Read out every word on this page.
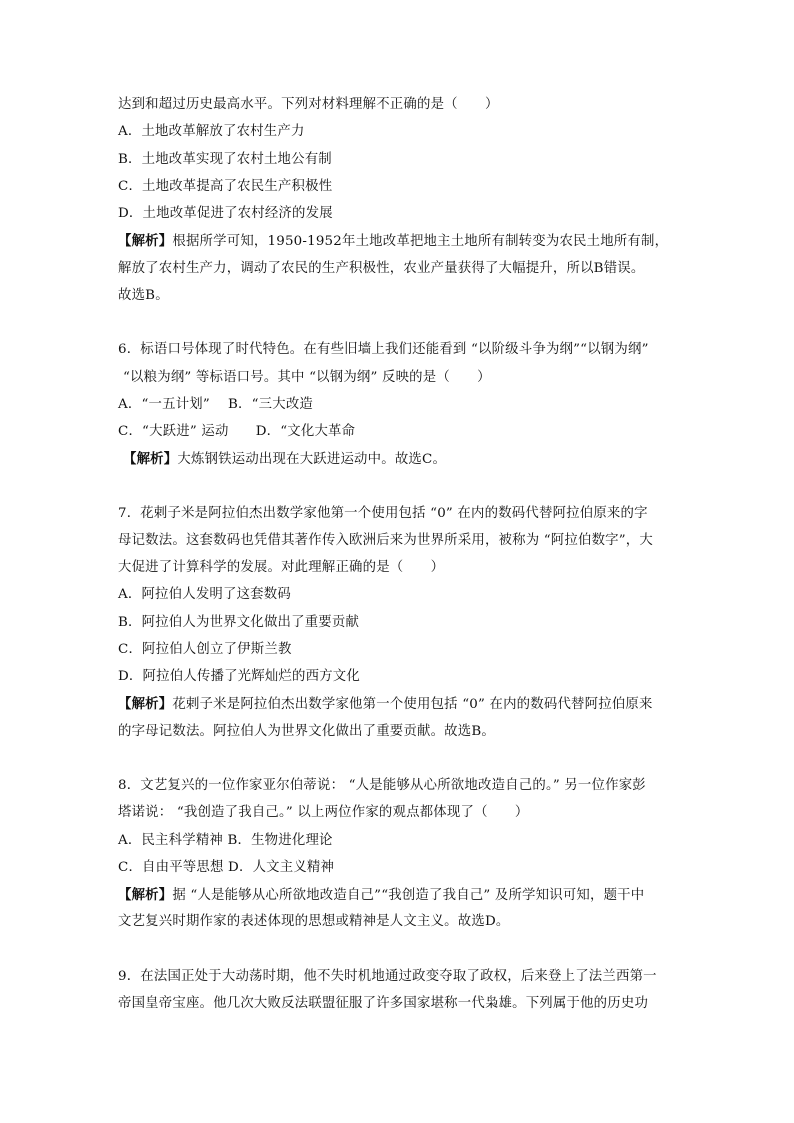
达到和超过历史最高水平。下列对材料理解不正确的是（　　）
A．土地改革解放了农村生产力
B．土地改革实现了农村土地公有制
C．土地改革提高了农民生产积极性
D．土地改革促进了农村经济的发展
【解析】根据所学可知，1950-1952年土地改革把地主土地所有制转变为农民土地所有制，
解放了农村生产力，调动了农民的生产积极性，农业产量获得了大幅提升，所以B错误。
故选B。
6．标语口号体现了时代特色。在有些旧墙上我们还能看到 “以阶级斗争为纲”“以钢为纲”
“以粮为纲” 等标语口号。其中 “以钢为纲” 反映的是（　　）
A．“一五计划”　 B．“三大改造
C．“大跃进” 运动　　D．“文化大革命
【解析】大炼钢铁运动出现在大跃进运动中。故选C。
7．花剌子米是阿拉伯杰出数学家他第一个使用包括 “0” 在内的数码代替阿拉伯原来的字
母记数法。这套数码也凭借其著作传入欧洲后来为世界所采用，被称为 “阿拉伯数字”，大
大促进了计算科学的发展。对此理解正确的是（　　）
A．阿拉伯人发明了这套数码
B．阿拉伯人为世界文化做出了重要贡献
C．阿拉伯人创立了伊斯兰教
D．阿拉伯人传播了光辉灿烂的西方文化
【解析】花剌子米是阿拉伯杰出数学家他第一个使用包括 “0” 在内的数码代替阿拉伯原来
的字母记数法。阿拉伯人为世界文化做出了重要贡献。故选B。
8．文艺复兴的一位作家亚尔伯蒂说： “人是能够从心所欲地改造自己的。” 另一位作家彭
塔诺说： “我创造了我自己。” 以上两位作家的观点都体现了（　　）
A．民主科学精神 B．生物进化理论
C．自由平等思想 D．人文主义精神
【解析】据 “人是能够从心所欲地改造自己”“我创造了我自己” 及所学知识可知，题干中
文艺复兴时期作家的表述体现的思想或精神是人文主义。故选D。
9．在法国正处于大动荡时期，他不失时机地通过政变夺取了政权，后来登上了法兰西第一
帝国皇帝宝座。他几次大败反法联盟征服了许多国家堪称一代枭雄。下列属于他的历史功
